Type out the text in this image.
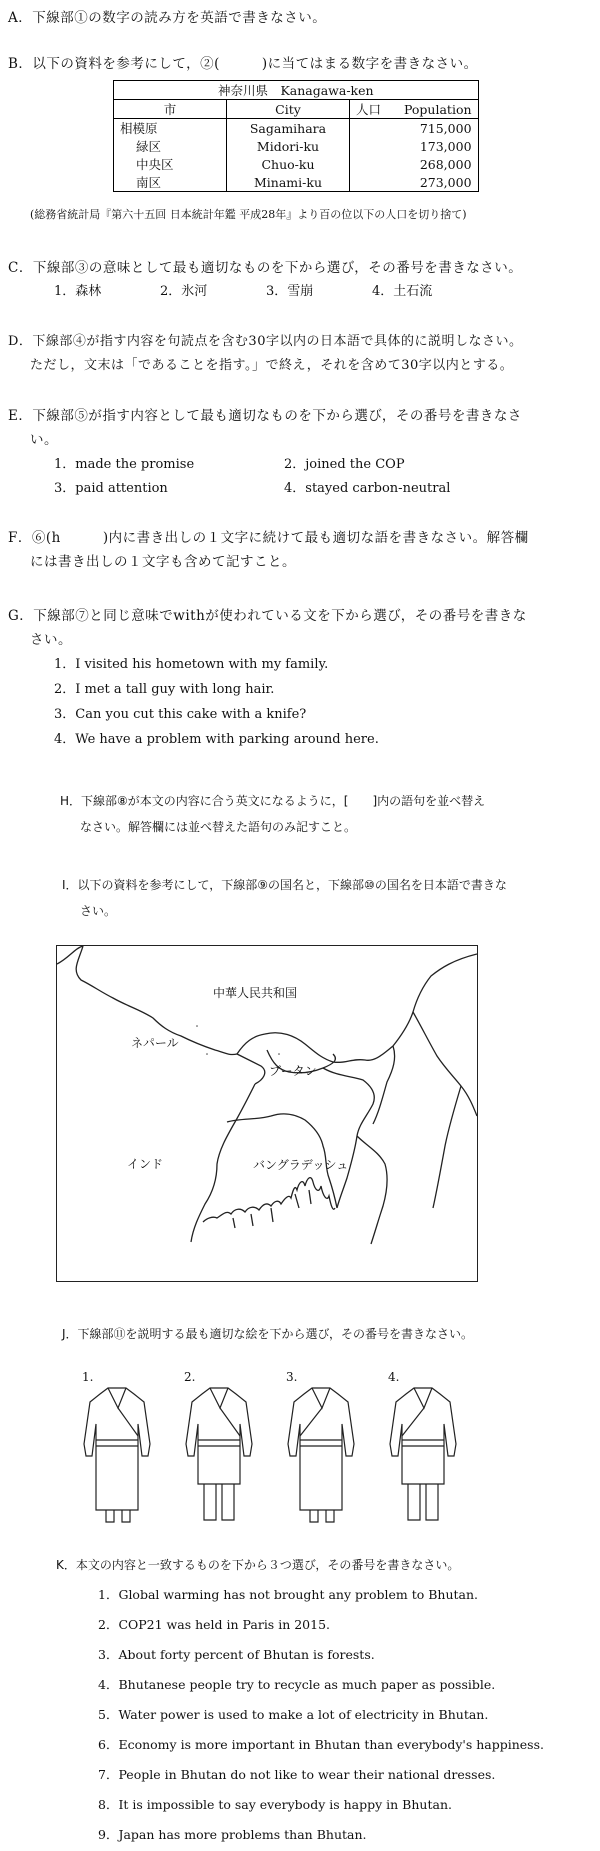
A．下線部①の数字の読み方を英語で書きなさい。
B．以下の資料を参考にして，②(　　　)に当てはまる数字を書きなさい。
神奈川県　Kanagawa-ken			
市	City	人口	Population
相模原	Sagamihara	715,000	
緑区	Midori-ku	173,000	
中央区	Chuo-ku	268,000	
南区	Minami-ku	273,000	
(総務省統計局『第六十五回 日本統計年鑑 平成28年』より百の位以下の人口を切り捨て)
C．下線部③の意味として最も適切なものを下から選び，その番号を書きなさい。
1．森林	2．氷河	3．雪崩	4．土石流
D．下線部④が指す内容を句読点を含む30字以内の日本語で具体的に説明しなさい。
ただし，文末は「であることを指す。」で終え，それを含めて30字以内とする。
E．下線部⑤が指す内容として最も適切なものを下から選び，その番号を書きなさ
い。
1．made the promise	2．joined the COP
3．paid attention	4．stayed carbon-neutral
F．⑥(h　　　)内に書き出しの１文字に続けて最も適切な語を書きなさい。解答欄
には書き出しの１文字も含めて記すこと。
G．下線部⑦と同じ意味でwithが使われている文を下から選び，その番号を書きな
さい。
1．I visited his hometown with my family.
2．I met a tall guy with long hair.
3．Can you cut this cake with a knife?
4．We have a problem with parking around here.
H．下線部⑧が本文の内容に合う英文になるように，[　　]内の語句を並べ替え
なさい。解答欄には並べ替えた語句のみ記すこと。
I．以下の資料を参考にして，下線部⑨の国名と，下線部⑩の国名を日本語で書きな
さい。
中華人民共和国
ネパール
ブータン
インド	バングラデッシュ
J．下線部⑪を説明する最も適切な絵を下から選び，その番号を書きなさい。
1.	2.	3.	4.
K．本文の内容と一致するものを下から３つ選び，その番号を書きなさい。
1．Global warming has not brought any problem to Bhutan.
2．COP21 was held in Paris in 2015.
3．About forty percent of Bhutan is forests.
4．Bhutanese people try to recycle as much paper as possible.
5．Water power is used to make a lot of electricity in Bhutan.
6．Economy is more important in Bhutan than everybody's happiness.
7．People in Bhutan do not like to wear their national dresses.
8．It is impossible to say everybody is happy in Bhutan.
9．Japan has more problems than Bhutan.
